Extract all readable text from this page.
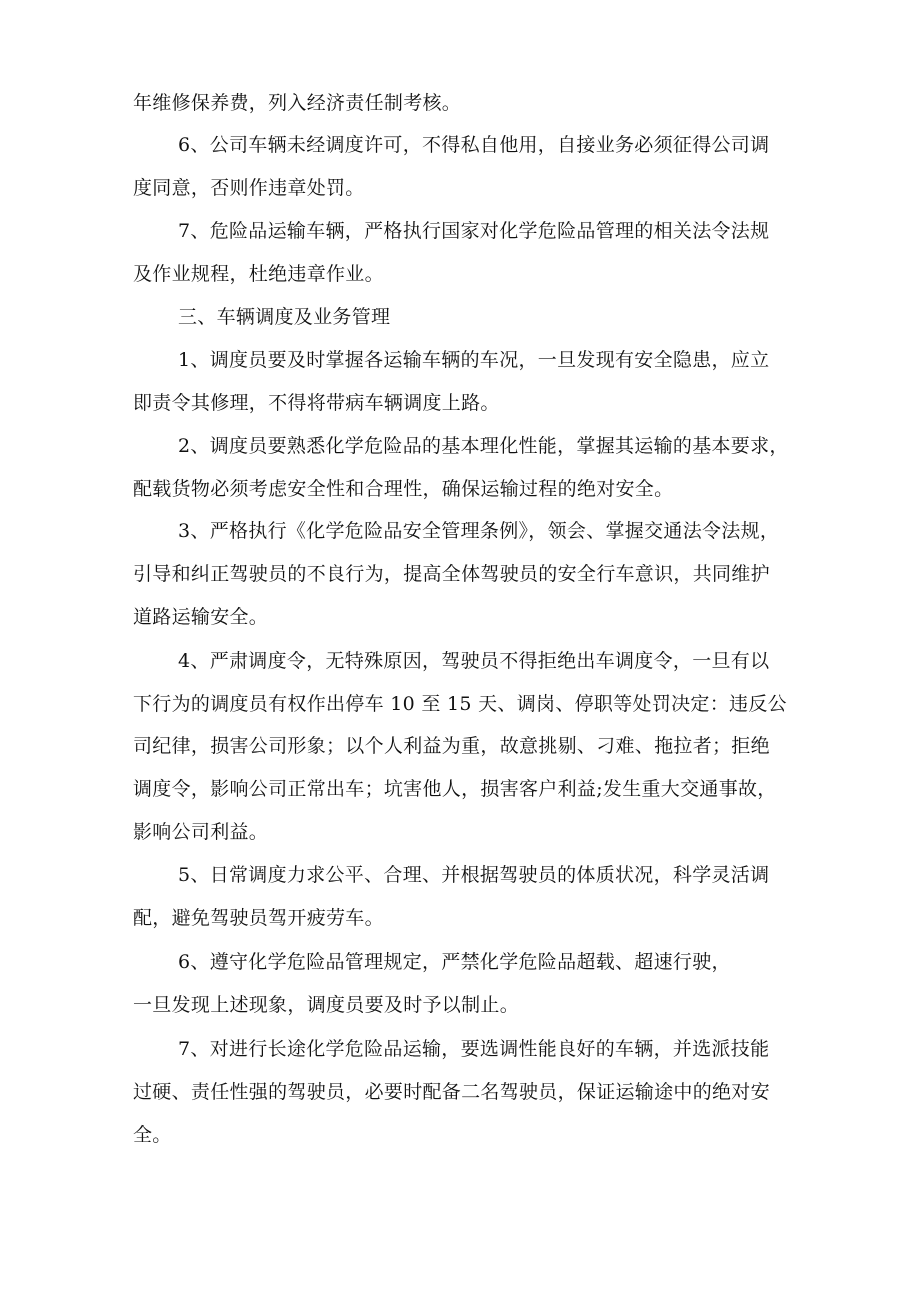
年维修保养费，列入经济责任制考核。
6、公司车辆未经调度许可，不得私自他用，自接业务必须征得公司调
度同意，否则作违章处罚。
7、危险品运输车辆，严格执行国家对化学危险品管理的相关法令法规
及作业规程，杜绝违章作业。
三、车辆调度及业务管理
1、调度员要及时掌握各运输车辆的车况，一旦发现有安全隐患，应立
即责令其修理，不得将带病车辆调度上路。
2、调度员要熟悉化学危险品的基本理化性能，掌握其运输的基本要求，
配载货物必须考虑安全性和合理性，确保运输过程的绝对安全。
3、严格执行《化学危险品安全管理条例》，领会、掌握交通法令法规，
引导和纠正驾驶员的不良行为，提高全体驾驶员的安全行车意识，共同维护
道路运输安全。
4、严肃调度令，无特殊原因，驾驶员不得拒绝出车调度令，一旦有以
下行为的调度员有权作出停车 10 至 15 天、调岗、停职等处罚决定：违反公
司纪律，损害公司形象；以个人利益为重，故意挑剔、刁难、拖拉者；拒绝
调度令，影响公司正常出车；坑害他人，损害客户利益;发生重大交通事故，
影响公司利益。
5、日常调度力求公平、合理、并根据驾驶员的体质状况，科学灵活调
配，避免驾驶员驾开疲劳车。
6、遵守化学危险品管理规定，严禁化学危险品超载、超速行驶，
一旦发现上述现象，调度员要及时予以制止。
7、对进行长途化学危险品运输，要选调性能良好的车辆，并选派技能
过硬、责任性强的驾驶员，必要时配备二名驾驶员，保证运输途中的绝对安
全。
